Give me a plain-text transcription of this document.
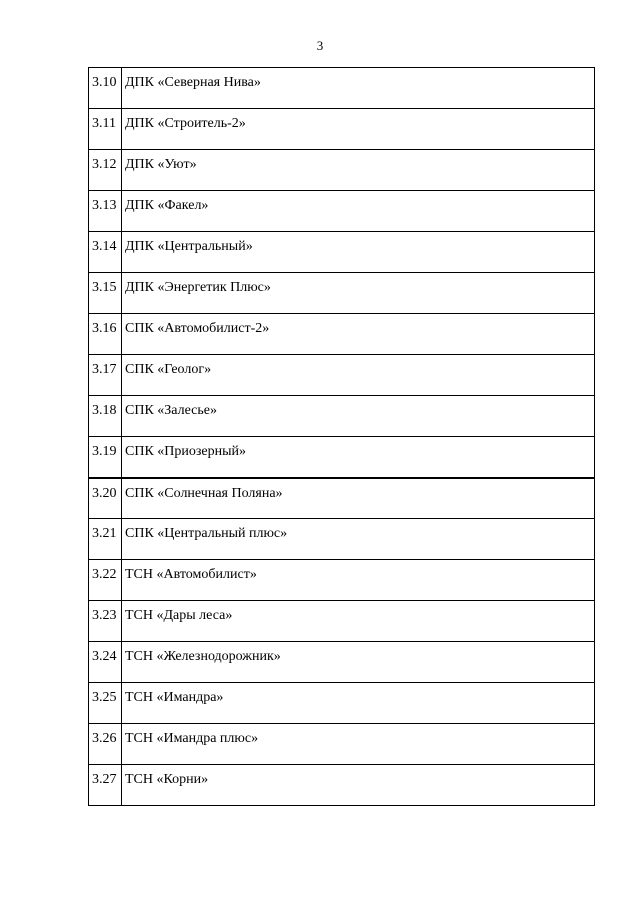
3
3.10	ДПК «Северная Нива»
3.11	ДПК «Строитель-2»
3.12	ДПК «Уют»
3.13	ДПК «Факел»
3.14	ДПК «Центральный»
3.15	ДПК «Энергетик Плюс»
3.16	СПК «Автомобилист-2»
3.17	СПК «Геолог»
3.18	СПК «Залесье»
3.19	СПК «Приозерный»
3.20	СПК «Солнечная Поляна»
3.21	СПК «Центральный плюс»
3.22	ТСН «Автомобилист»
3.23	ТСН «Дары леса»
3.24	ТСН «Железнодорожник»
3.25	ТСН «Имандра»
3.26	ТСН «Имандра плюс»
3.27	ТСН «Корни»
